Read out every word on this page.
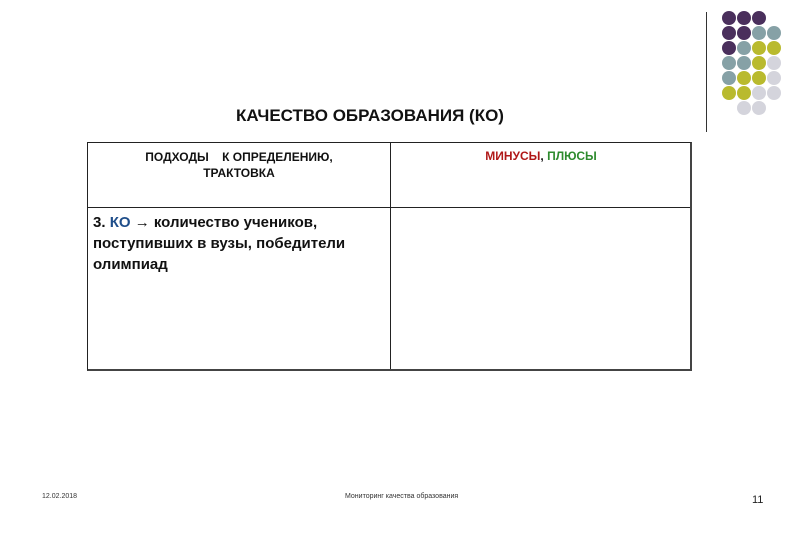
КАЧЕСТВО ОБРАЗОВАНИЯ (КО)
ПОДХОДЫ    К ОПРЕДЕЛЕНИЮ,
ТРАКТОВКА
МИНУСЫ, ПЛЮСЫ
3. КО → количество учеников, поступивших в вузы, победители олимпиад
12.02.2018	Мониторинг качества образования	11
